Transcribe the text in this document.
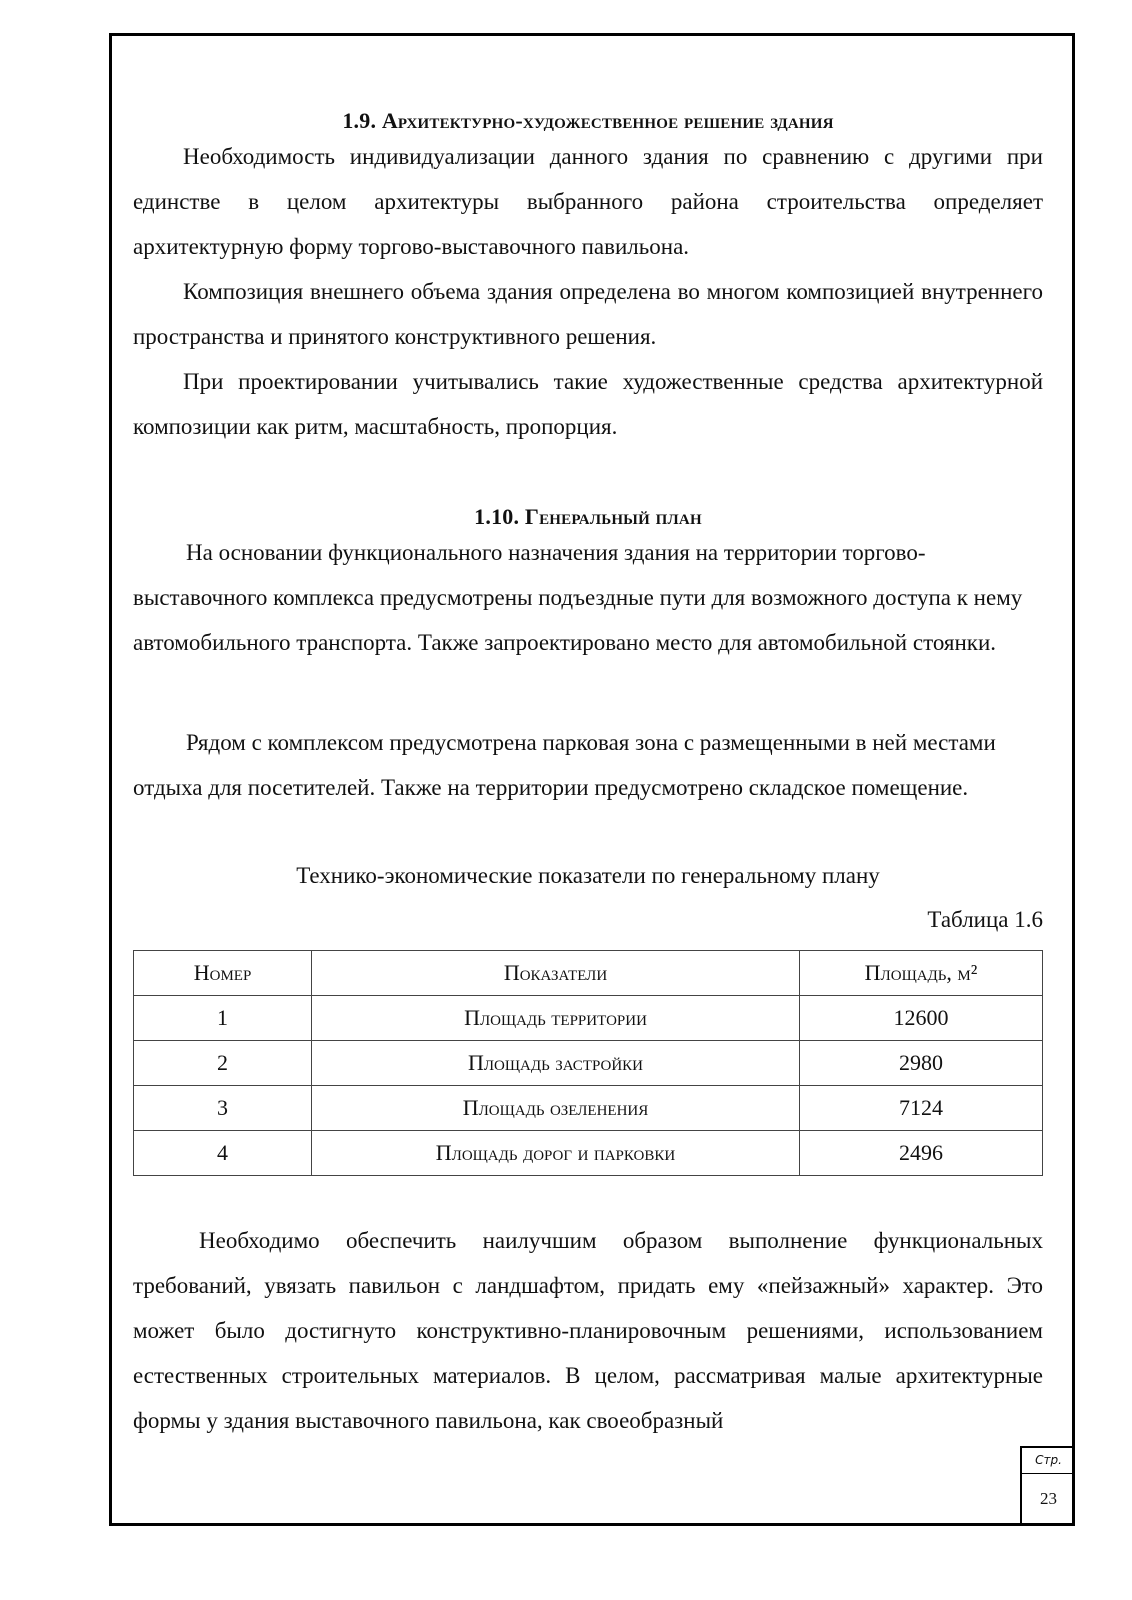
1.9. Архитектурно-художественное решение здания

Необходимость индивидуализации данного здания по сравнению с другими при единстве в целом архитектуры выбранного района строительства определяет архитектурную форму торгово-выставочного павильона.

Композиция внешнего объема здания определена во многом композицией внутреннего пространства и принятого конструктивного решения.

При проектировании учитывались такие художественные средства архитектурной композиции как ритм, масштабность, пропорция.

1.10. Генеральный план

На основании функционального назначения здания на территории торгово-выставочного комплекса предусмотрены подъездные пути для возможного доступа к нему автомобильного транспорта. Также запроектировано место для автомобильной стоянки.

Рядом с комплексом предусмотрена парковая зона с размещенными в ней местами отдыха для посетителей. Также на территории предусмотрено складское помещение.

Технико-экономические показатели по генеральному плану
Таблица 1.6
Номер	Показатели	Площадь, м²
1	Площадь территории	12600
2	Площадь застройки	2980
3	Площадь озеленения	7124
4	Площадь дорог и парковки	2496

Необходимо обеспечить наилучшим образом выполнение функциональных требований, увязать павильон с ландшафтом, придать ему «пейзажный» характер. Это может было достигнуто конструктивно-планировочным решениями, использованием естественных строительных материалов. В целом, рассматривая малые архитектурные формы у здания выставочного павильона, как своеобразный

Стр.
23
